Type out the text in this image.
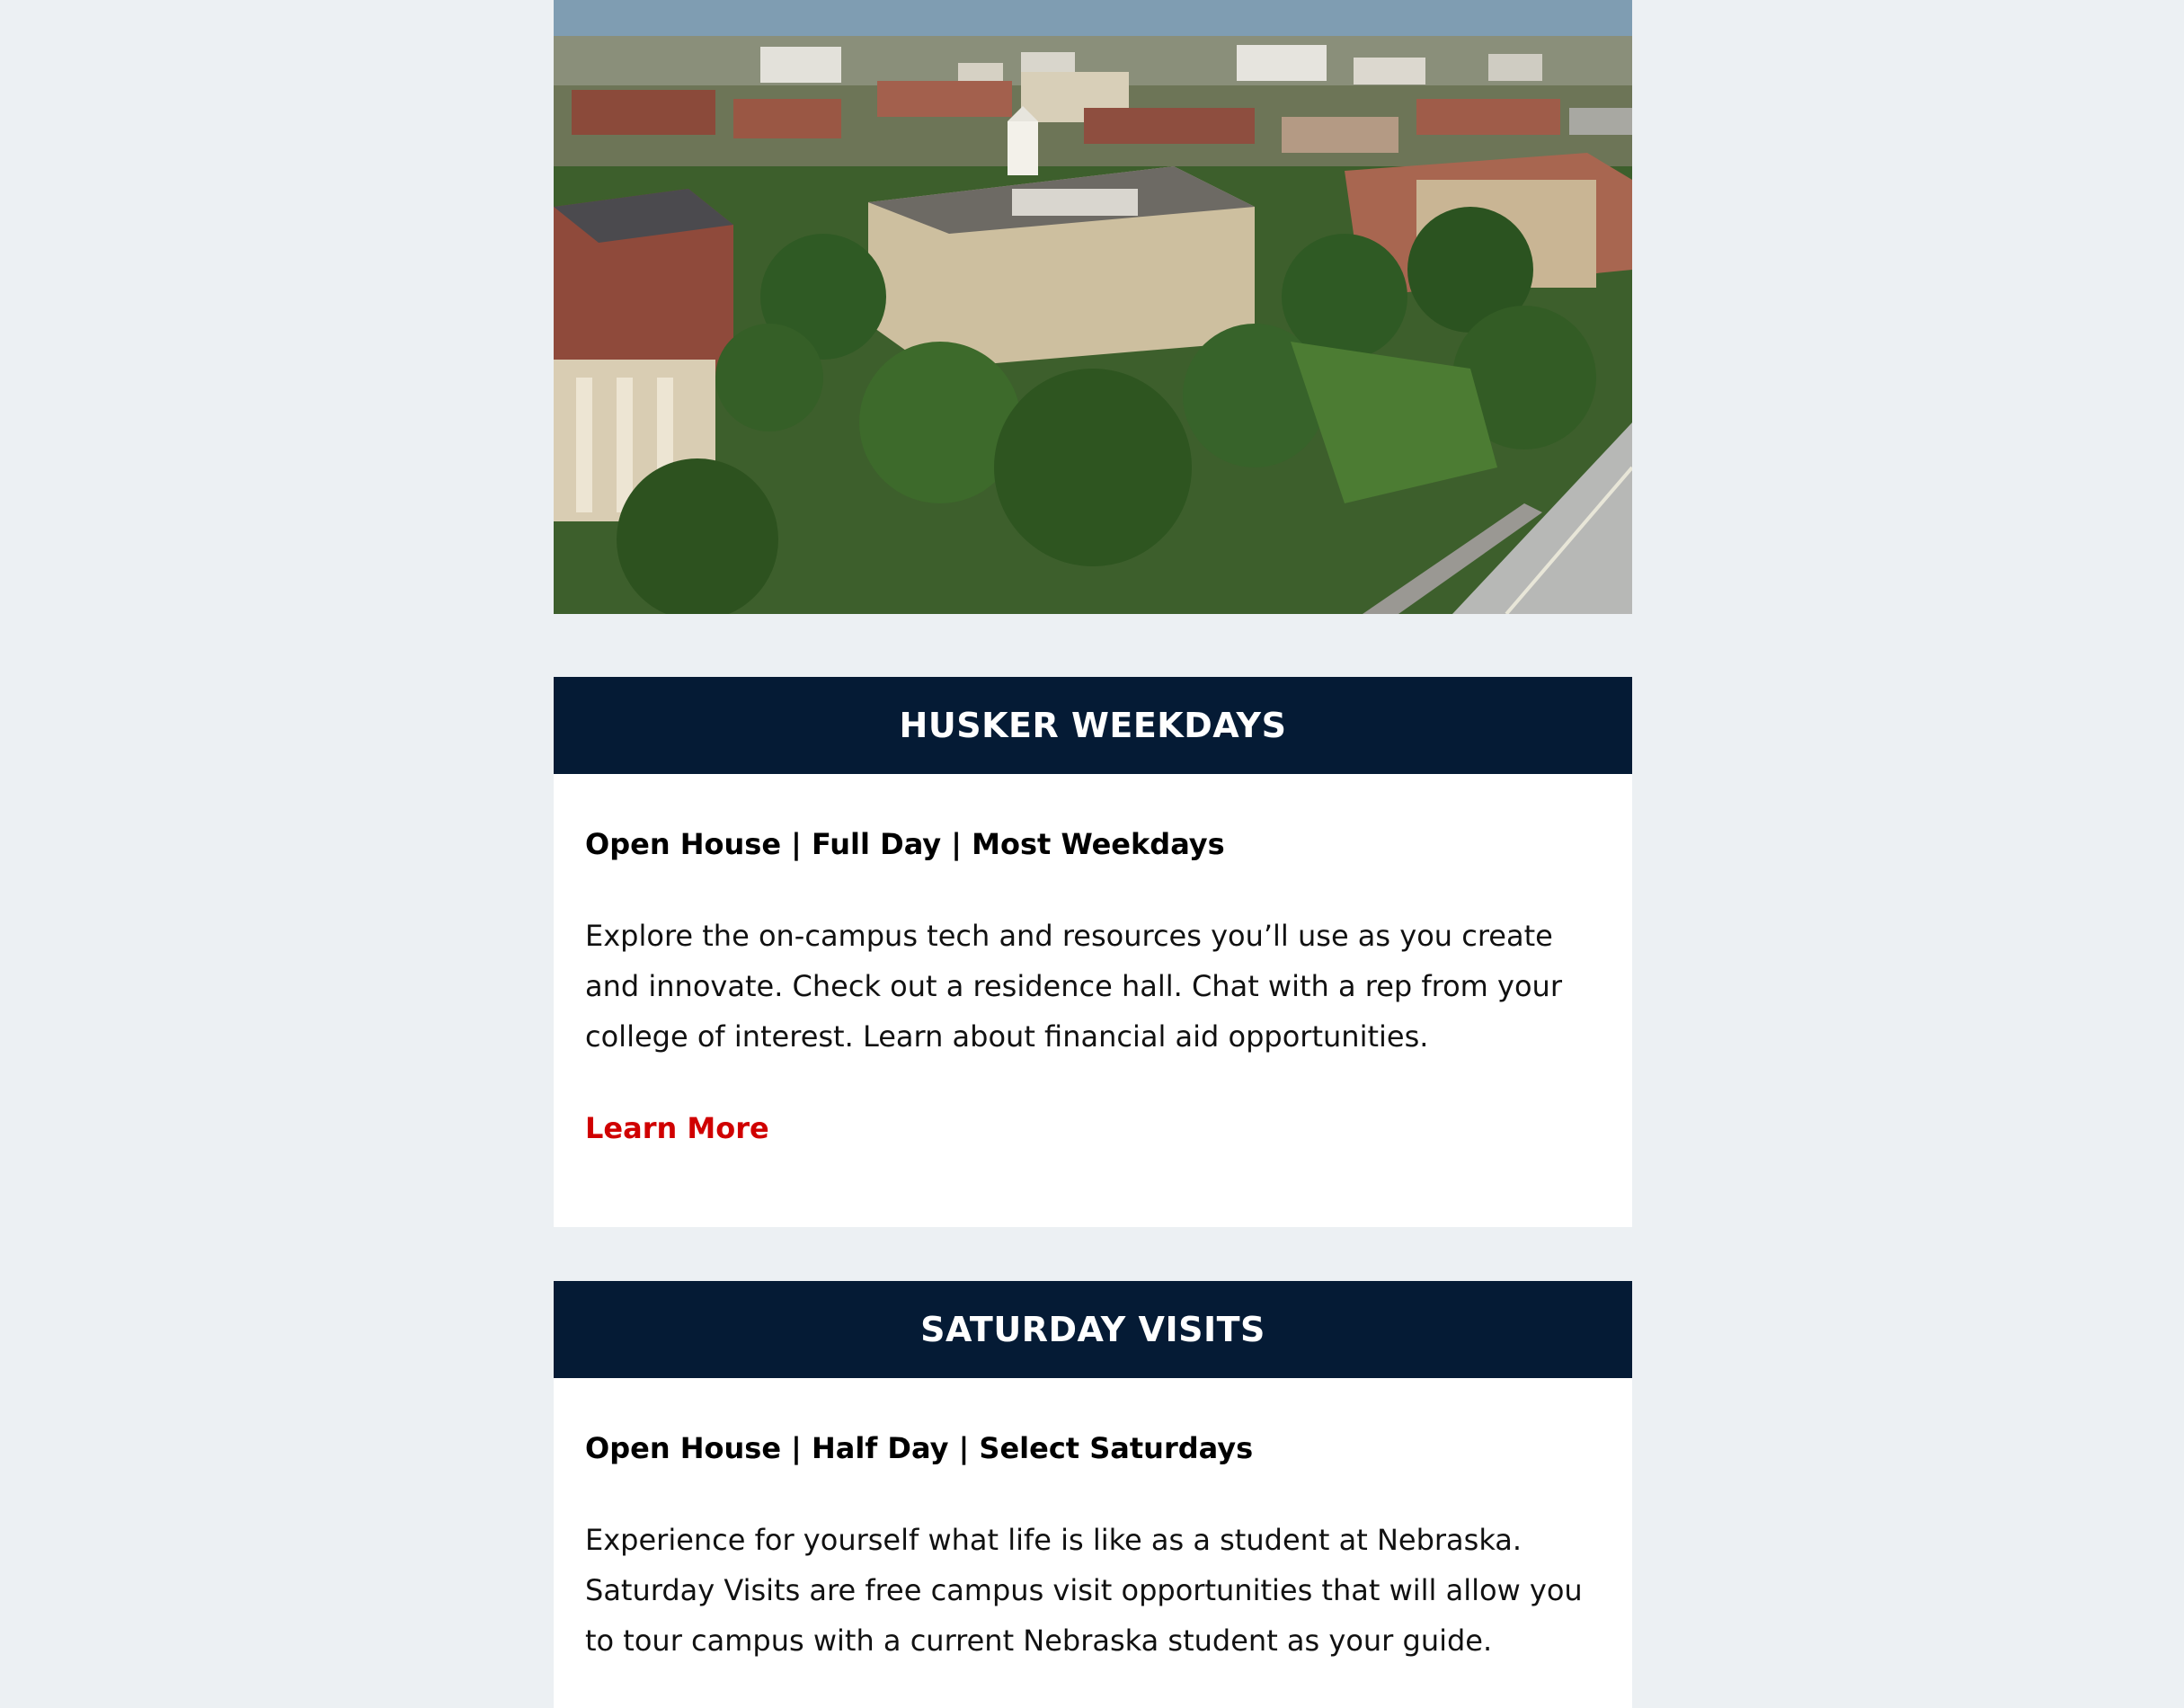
HUSKER WEEKDAYS

Open House | Full Day | Most Weekdays

Explore the on-campus tech and resources you’ll use as you create

and innovate. Check out a residence hall. Chat with a rep from your

college of interest. Learn about financial aid opportunities.

Learn More
SATURDAY VISITS

Open House | Half Day | Select Saturdays

Experience for yourself what life is like as a student at Nebraska.

Saturday Visits are free campus visit opportunities that will allow you

to tour campus with a current Nebraska student as your guide.
